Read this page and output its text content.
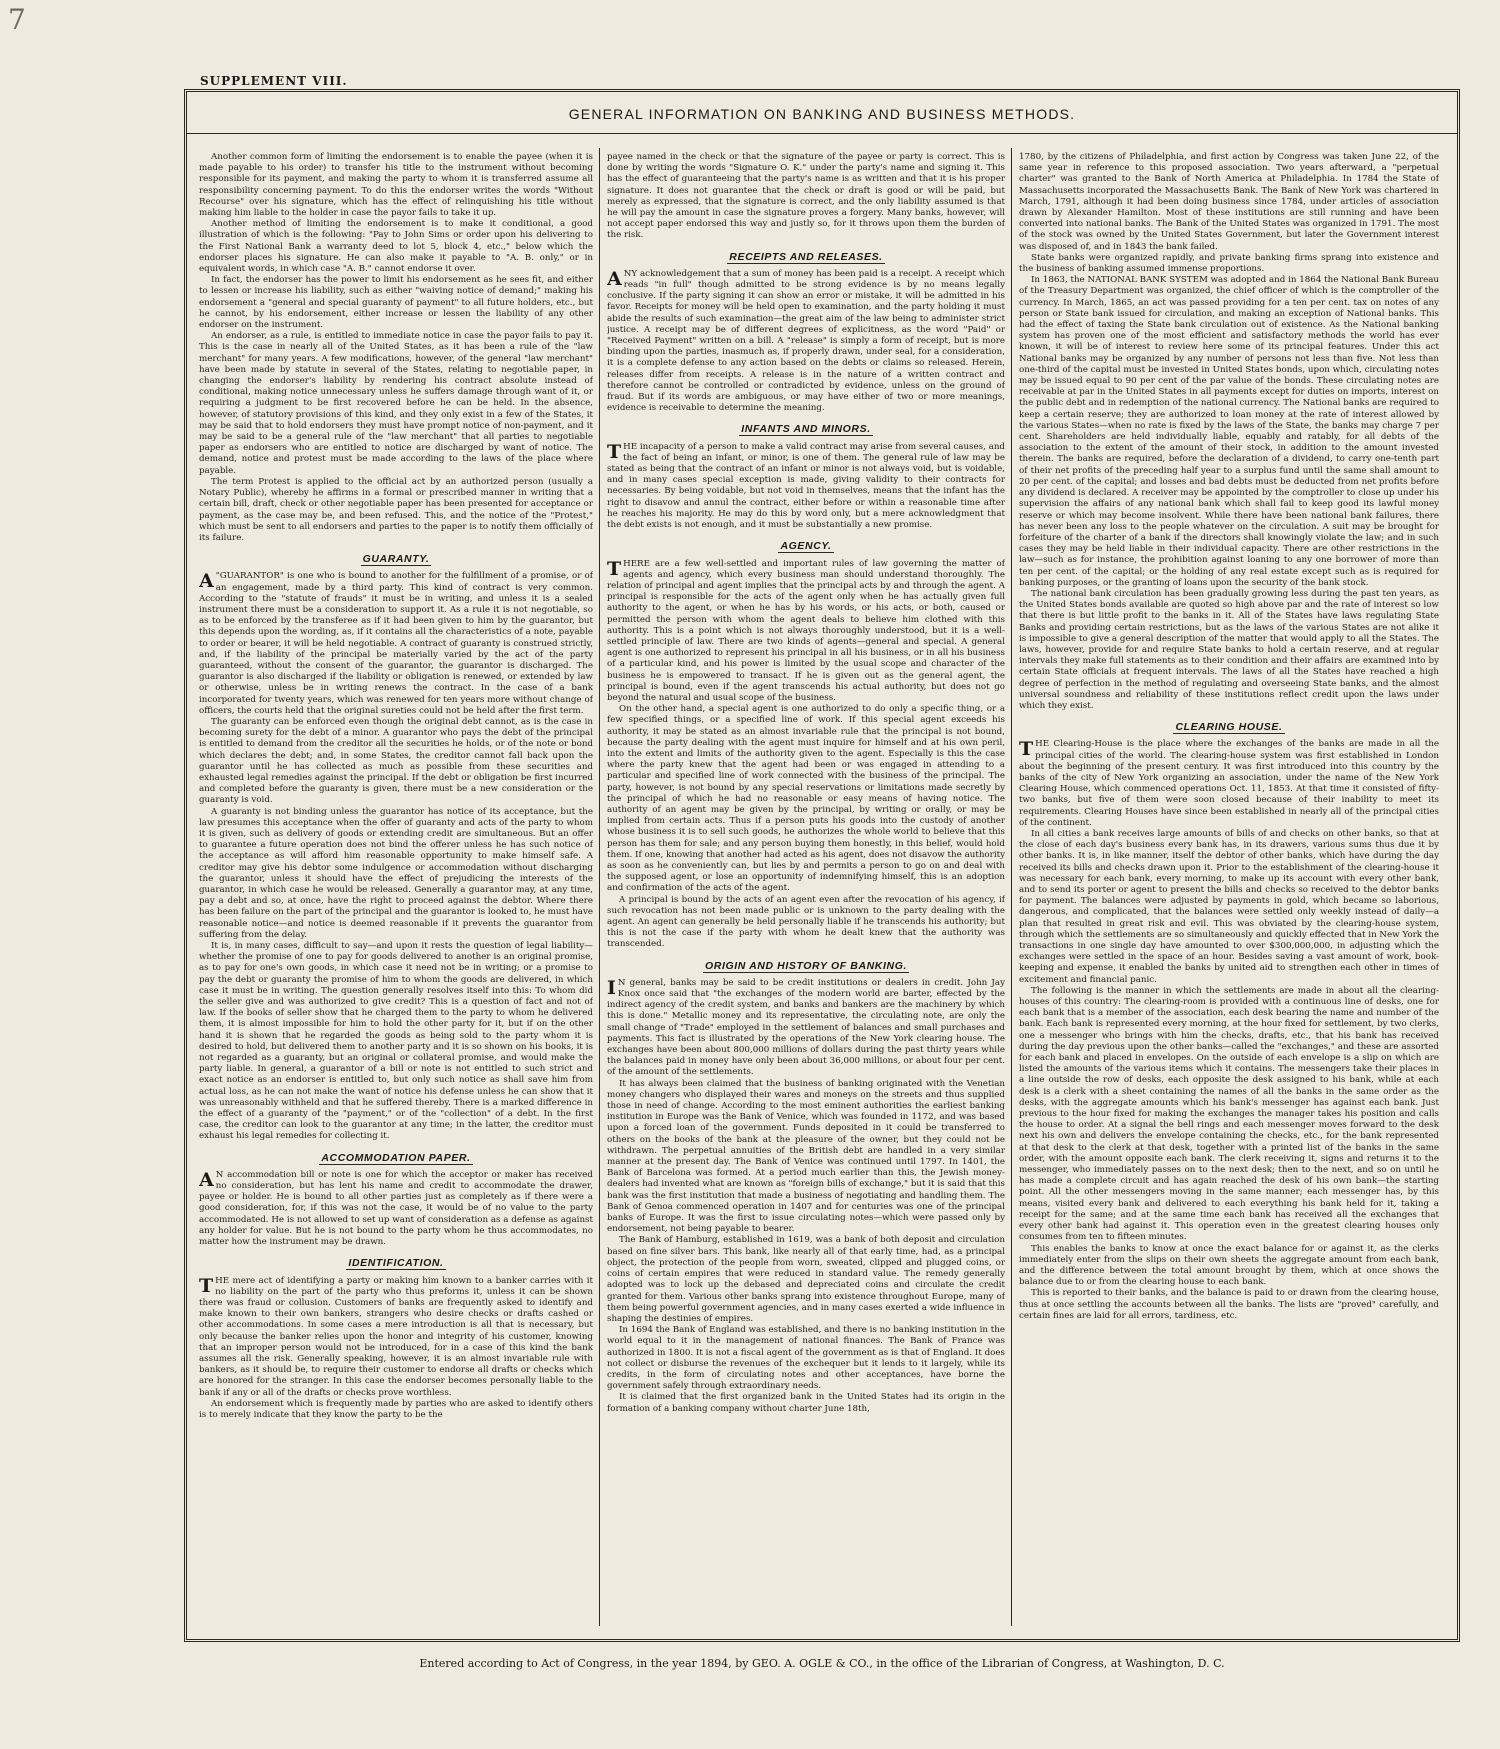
7
SUPPLEMENT VIII.
GENERAL INFORMATION ON BANKING AND BUSINESS METHODS.

Another common form of limiting the endorsement is to enable the payee (when it is made payable to his order) to transfer his title to the instrument without becoming responsible for its payment, and making the party to whom it is transferred assume all responsibility concerning payment. To do this the endorser writes the words "Without Recourse" over his signature, which has the effect of relinquishing his title without making him liable to the holder in case the payor fails to take it up.

Another method of limiting the endorsement is to make it conditional, a good illustration of which is the following: "Pay to John Sims or order upon his delivering to the First National Bank a warranty deed to lot 5, block 4, etc.," below which the endorser places his signature. He can also make it payable to "A. B. only," or in equivalent words, in which case "A. B." cannot endorse it over.

In fact, the endorser has the power to limit his endorsement as he sees fit, and either to lessen or increase his liability, such as either "waiving notice of demand;" making his endorsement a "general and special guaranty of payment" to all future holders, etc., but he cannot, by his endorsement, either increase or lessen the liability of any other endorser on the instrument.

An endorser, as a rule, is entitled to immediate notice in case the payor fails to pay it. This is the case in nearly all of the United States, as it has been a rule of the "law merchant" for many years. A few modifications, however, of the general "law merchant" have been made by statute in several of the States, relating to negotiable paper, in changing the endorser's liability by rendering his contract absolute instead of conditional, making notice unnecessary unless he suffers damage through want of it, or requiring a judgment to be first recovered before he can be held. In the absence, however, of statutory provisions of this kind, and they only exist in a few of the States, it may be said that to hold endorsers they must have prompt notice of non-payment, and it may be said to be a general rule of the "law merchant" that all parties to negotiable paper as endorsers who are entitled to notice are discharged by want of notice. The demand, notice and protest must be made according to the laws of the place where payable.

The term Protest is applied to the official act by an authorized person (usually a Notary Public), whereby he affirms in a formal or prescribed manner in writing that a certain bill, draft, check or other negotiable paper has been presented for acceptance or payment, as the case may be, and been refused. This, and the notice of the "Protest," which must be sent to all endorsers and parties to the paper is to notify them officially of its failure.

GUARANTY.

A "GUARANTOR" is one who is bound to another for the fulfillment of a promise, or of an engagement, made by a third party. This kind of contract is very common. According to the "statute of frauds" it must be in writing, and unless it is a sealed instrument there must be a consideration to support it. As a rule it is not negotiable, so as to be enforced by the transferee as if it had been given to him by the guarantor, but this depends upon the wording, as, if it contains all the characteristics of a note, payable to order or bearer, it will be held negotiable. A contract of guaranty is construed strictly, and, if the liability of the principal be materially varied by the act of the party guaranteed, without the consent of the guarantor, the guarantor is discharged. The guarantor is also discharged if the liability or obligation is renewed, or extended by law or otherwise, unless be in writing renews the contract. In the case of a bank incorporated for twenty years, which was renewed for ten years more without change of officers, the courts held that the original sureties could not be held after the first term.

The guaranty can be enforced even though the original debt cannot, as is the case in becoming surety for the debt of a minor. A guarantor who pays the debt of the principal is entitled to demand from the creditor all the securities he holds, or of the note or bond which declares the debt; and, in some States, the creditor cannot fall back upon the guarantor until he has collected as much as possible from these securities and exhausted legal remedies against the principal. If the debt or obligation be first incurred and completed before the guaranty is given, there must be a new consideration or the guaranty is void.

A guaranty is not binding unless the guarantor has notice of its acceptance, but the law presumes this acceptance when the offer of guaranty and acts of the party to whom it is given, such as delivery of goods or extending credit are simultaneous. But an offer to guarantee a future operation does not bind the offerer unless he has such notice of the acceptance as will afford him reasonable opportunity to make himself safe. A creditor may give his debtor some indulgence or accommodation without discharging the guarantor, unless it should have the effect of prejudicing the interests of the guarantor, in which case he would be released. Generally a guarantor may, at any time, pay a debt and so, at once, have the right to proceed against the debtor. Where there has been failure on the part of the principal and the guarantor is looked to, he must have reasonable notice—and notice is deemed reasonable if it prevents the guarantor from suffering from the delay.

It is, in many cases, difficult to say—and upon it rests the question of legal liability—whether the promise of one to pay for goods delivered to another is an original promise, as to pay for one's own goods, in which case it need not be in writing; or a promise to pay the debt or guaranty the promise of him to whom the goods are delivered, in which case it must be in writing. The question generally resolves itself into this: To whom did the seller give and was authorized to give credit? This is a question of fact and not of law. If the books of seller show that he charged them to the party to whom he delivered them, it is almost impossible for him to hold the other party for it, but if on the other hand it is shown that he regarded the goods as being sold to the party whom it is desired to hold, but delivered them to another party and it is so shown on his books, it is not regarded as a guaranty, but an original or collateral promise, and would make the party liable. In general, a guarantor of a bill or note is not entitled to such strict and exact notice as an endorser is entitled to, but only such notice as shall save him from actual loss, as he can not make the want of notice his defense unless he can show that it was unreasonably withheld and that he suffered thereby. There is a marked difference in the effect of a guaranty of the "payment," or of the "collection" of a debt. In the first case, the creditor can look to the guarantor at any time; in the latter, the creditor must exhaust his legal remedies for collecting it.

ACCOMMODATION PAPER.

A N accommodation bill or note is one for which the acceptor or maker has received no consideration, but has lent his name and credit to accommodate the drawer, payee or holder. He is bound to all other parties just as completely as if there were a good consideration, for, if this was not the case, it would be of no value to the party accommodated. He is not allowed to set up want of consideration as a defense as against any holder for value. But he is not bound to the party whom he thus accommodates, no matter how the instrument may be drawn.

IDENTIFICATION.

THE mere act of identifying a party or making him known to a banker carries with it no liability on the part of the party who thus preforms it, unless it can be shown there was fraud or collusion. Customers of banks are frequently asked to identify and make known to their own bankers, strangers who desire checks or drafts cashed or other accommodations. In some cases a mere introduction is all that is necessary, but only because the banker relies upon the honor and integrity of his customer, knowing that an improper person would not be introduced, for in a case of this kind the bank assumes all the risk. Generally speaking, however, it is an almost invariable rule with bankers, as it should be, to require their customer to endorse all drafts or checks which are honored for the stranger. In this case the endorser becomes personally liable to the bank if any or all of the drafts or checks prove worthless.

An endorsement which is frequently made by parties who are asked to identify others is to merely indicate that they know the party to be the

payee named in the check or that the signature of the payee or party is correct. This is done by writing the words "Signature O. K." under the party's name and signing it. This has the effect of guaranteeing that the party's name is as written and that it is his proper signature. It does not guarantee that the check or draft is good or will be paid, but merely as expressed, that the signature is correct, and the only liability assumed is that he will pay the amount in case the signature proves a forgery. Many banks, however, will not accept paper endorsed this way and justly so, for it throws upon them the burden of the risk.

RECEIPTS AND RELEASES.

ANY acknowledgement that a sum of money has been paid is a receipt. A receipt which reads "in full" though admitted to be strong evidence is by no means legally conclusive. If the party signing it can show an error or mistake, it will be admitted in his favor. Receipts for money will be held open to examination, and the party holding it must abide the results of such examination—the great aim of the law being to administer strict justice. A receipt may be of different degrees of explicitness, as the word "Paid" or "Received Payment" written on a bill. A "release" is simply a form of receipt, but is more binding upon the parties, inasmuch as, if properly drawn, under seal, for a consideration, it is a complete defense to any action based on the debts or claims so released. Herein, releases differ from receipts. A release is in the nature of a written contract and therefore cannot be controlled or contradicted by evidence, unless on the ground of fraud. But if its words are ambiguous, or may have either of two or more meanings, evidence is receivable to determine the meaning.

INFANTS AND MINORS.

THE incapacity of a person to make a valid contract may arise from several causes, and the fact of being an infant, or minor, is one of them. The general rule of law may be stated as being that the contract of an infant or minor is not always void, but is voidable, and in many cases special exception is made, giving validity to their contracts for necessaries. By being voidable, but not void in themselves, means that the infant has the right to disavow and annul the contract, either before or within a reasonable time after he reaches his majority. He may do this by word only, but a mere acknowledgment that the debt exists is not enough, and it must be substantially a new promise.

AGENCY.

THERE are a few well-settled and important rules of law governing the matter of agents and agency, which every business man should understand thoroughly. The relation of principal and agent implies that the principal acts by and through the agent. A principal is responsible for the acts of the agent only when he has actually given full authority to the agent, or when he has by his words, or his acts, or both, caused or permitted the person with whom the agent deals to believe him clothed with this authority. This is a point which is not always thoroughly understood, but it is a well-settled principle of law. There are two kinds of agents—general and special. A general agent is one authorized to represent his principal in all his business, or in all his business of a particular kind, and his power is limited by the usual scope and character of the business he is empowered to transact. If he is given out as the general agent, the principal is bound, even if the agent transcends his actual authority, but does not go beyond the natural and usual scope of the business.

On the other hand, a special agent is one authorized to do only a specific thing, or a few specified things, or a specified line of work. If this special agent exceeds his authority, it may be stated as an almost invariable rule that the principal is not bound, because the party dealing with the agent must inquire for himself and at his own peril, into the extent and limits of the authority given to the agent. Especially is this the case where the party knew that the agent had been or was engaged in attending to a particular and specified line of work connected with the business of the principal. The party, however, is not bound by any special reservations or limitations made secretly by the principal of which he had no reasonable or easy means of having notice. The authority of an agent may be given by the principal, by writing or orally, or may be implied from certain acts. Thus if a person puts his goods into the custody of another whose business it is to sell such goods, he authorizes the whole world to believe that this person has them for sale; and any person buying them honestly, in this belief, would hold them. If one, knowing that another had acted as his agent, does not disavow the authority as soon as he conveniently can, but lies by and permits a person to go on and deal with the supposed agent, or lose an opportunity of indemnifying himself, this is an adoption and confirmation of the acts of the agent.

A principal is bound by the acts of an agent even after the revocation of his agency, if such revocation has not been made public or is unknown to the party dealing with the agent. An agent can generally be held personally liable if he transcends his authority; but this is not the case if the party with whom he dealt knew that the authority was transcended.

ORIGIN AND HISTORY OF BANKING.

I N general, banks may be said to be credit institutions or dealers in credit. John Jay Knox once said that "the exchanges of the modern world are barter, effected by the indirect agency of the credit system, and banks and bankers are the machinery by which this is done." Metallic money and its representative, the circulating note, are only the small change of "Trade" employed in the settlement of balances and small purchases and payments. This fact is illustrated by the operations of the New York clearing house. The exchanges have been about 800,000 millions of dollars during the past thirty years while the balances paid in money have only been about 36,000 millions, or about four per cent. of the amount of the settlements.

It has always been claimed that the business of banking originated with the Venetian money changers who displayed their wares and moneys on the streets and thus supplied those in need of change. According to the most eminent authorities the earliest banking institution in Europe was the Bank of Venice, which was founded in 1172, and was based upon a forced loan of the government. Funds deposited in it could be transferred to others on the books of the bank at the pleasure of the owner, but they could not be withdrawn. The perpetual annuities of the British debt are handled in a very similar manner at the present day. The Bank of Venice was continued until 1797. In 1401, the Bank of Barcelona was formed. At a period much earlier than this, the Jewish money-dealers had invented what are known as "foreign bills of exchange," but it is said that this bank was the first institution that made a business of negotiating and handling them. The Bank of Genoa commenced operation in 1407 and for centuries was one of the principal banks of Europe. It was the first to issue circulating notes—which were passed only by endorsement, not being payable to bearer.

The Bank of Hamburg, established in 1619, was a bank of both deposit and circulation based on fine silver bars. This bank, like nearly all of that early time, had, as a principal object, the protection of the people from worn, sweated, clipped and plugged coins, or coins of certain empires that were reduced in standard value. The remedy generally adopted was to lock up the debased and depreciated coins and circulate the credit granted for them. Various other banks sprang into existence throughout Europe, many of them being powerful government agencies, and in many cases exerted a wide influence in shaping the destinies of empires.

In 1694 the Bank of England was established, and there is no banking institution in the world equal to it in the management of national finances. The Bank of France was authorized in 1800. It is not a fiscal agent of the government as is that of England. It does not collect or disburse the revenues of the exchequer but it lends to it largely, while its credits, in the form of circulating notes and other acceptances, have borne the government safely through extraordinary needs.

It is claimed that the first organized bank in the United States had its origin in the formation of a banking company without charter June 18th,

1780, by the citizens of Philadelphia, and first action by Congress was taken June 22, of the same year in reference to this proposed association. Two years afterward, a "perpetual charter" was granted to the Bank of North America at Philadelphia. In 1784 the State of Massachusetts incorporated the Massachusetts Bank. The Bank of New York was chartered in March, 1791, although it had been doing business since 1784, under articles of association drawn by Alexander Hamilton. Most of these institutions are still running and have been converted into national banks. The Bank of the United States was organized in 1791. The most of the stock was owned by the United States Government, but later the Government interest was disposed of, and in 1843 the bank failed.

State banks were organized rapidly, and private banking firms sprang into existence and the business of banking assumed immense proportions.

In 1863, the NATIONAL BANK SYSTEM was adopted and in 1864 the National Bank Bureau of the Treasury Department was organized, the chief officer of which is the comptroller of the currency. In March, 1865, an act was passed providing for a ten per cent. tax on notes of any person or State bank issued for circulation, and making an exception of National banks. This had the effect of taxing the State bank circulation out of existence. As the National banking system has proven one of the most efficient and satisfactory methods the world has ever known, it will be of interest to review here some of its principal features. Under this act National banks may be organized by any number of persons not less than five. Not less than one-third of the capital must be invested in United States bonds, upon which, circulating notes may be issued equal to 90 per cent of the par value of the bonds. These circulating notes are receivable at par in the United States in all payments except for duties on imports, interest on the public debt and in redemption of the national currency. The National banks are required to keep a certain reserve; they are authorized to loan money at the rate of interest allowed by the various States—when no rate is fixed by the laws of the State, the banks may charge 7 per cent. Shareholders are held individually liable, equably and ratably, for all debts of the association to the extent of the amount of their stock, in addition to the amount invested therein. The banks are required, before the declaration of a dividend, to carry one-tenth part of their net profits of the preceding half year to a surplus fund until the same shall amount to 20 per cent. of the capital; and losses and bad debts must be deducted from net profits before any dividend is declared. A receiver may be appointed by the comptroller to close up under his supervision the affairs of any national bank which shall fail to keep good its lawful money reserve or which may become insolvent. While there have been national bank failures, there has never been any loss to the people whatever on the circulation. A suit may be brought for forfeiture of the charter of a bank if the directors shall knowingly violate the law; and in such cases they may be held liable in their individual capacity. There are other restrictions in the law—such as for instance, the prohibition against loaning to any one borrower of more than ten per cent. of the capital; or the holding of any real estate except such as is required for banking purposes, or the granting of loans upon the security of the bank stock.

The national bank circulation has been gradually growing less during the past ten years, as the United States bonds available are quoted so high above par and the rate of interest so low that there is but little profit to the banks in it. All of the States have laws regulating State Banks and providing certain restrictions, but as the laws of the various States are not alike it is impossible to give a general description of the matter that would apply to all the States. The laws, however, provide for and require State banks to hold a certain reserve, and at regular intervals they make full statements as to their condition and their affairs are examined into by certain State officials at frequent intervals. The laws of all the States have reached a high degree of perfection in the method of regulating and overseeing State banks, and the almost universal soundness and reliability of these institutions reflect credit upon the laws under which they exist.

CLEARING HOUSE.

THE Clearing-House is the place where the exchanges of the banks are made in all the principal cities of the world. The clearing-house system was first established in London about the beginning of the present century. It was first introduced into this country by the banks of the city of New York organizing an association, under the name of the New York Clearing House, which commenced operations Oct. 11, 1853. At that time it consisted of fifty-two banks, but five of them were soon closed because of their inability to meet its requirements. Clearing Houses have since been established in nearly all of the principal cities of the continent.

In all cities a bank receives large amounts of bills of and checks on other banks, so that at the close of each day's business every bank has, in its drawers, various sums thus due it by other banks. It is, in like manner, itself the debtor of other banks, which have during the day received its bills and checks drawn upon it. Prior to the establishment of the clearing-house it was necessary for each bank, every morning, to make up its account with every other bank, and to send its porter or agent to present the bills and checks so received to the debtor banks for payment. The balances were adjusted by payments in gold, which became so laborious, dangerous, and complicated, that the balances were settled only weekly instead of daily—a plan that resulted in great risk and evil. This was obviated by the clearing-house system, through which the settlements are so simultaneously and quickly effected that in New York the transactions in one single day have amounted to over $300,000,000, in adjusting which the exchanges were settled in the space of an hour. Besides saving a vast amount of work, book-keeping and expense, it enabled the banks by united aid to strengthen each other in times of excitement and financial panic.

The following is the manner in which the settlements are made in about all the clearing-houses of this country: The clearing-room is provided with a continuous line of desks, one for each bank that is a member of the association, each desk bearing the name and number of the bank. Each bank is represented every morning, at the hour fixed for settlement, by two clerks, one a messenger who brings with him the checks, drafts, etc., that his bank has received during the day previous upon the other banks—called the "exchanges," and these are assorted for each bank and placed in envelopes. On the outside of each envelope is a slip on which are listed the amounts of the various items which it contains. The messengers take their places in a line outside the row of desks, each opposite the desk assigned to his bank, while at each desk is a clerk with a sheet containing the names of all the banks in the same order as the desks, with the aggregate amounts which his bank's messenger has against each bank. Just previous to the hour fixed for making the exchanges the manager takes his position and calls the house to order. At a signal the bell rings and each messenger moves forward to the desk next his own and delivers the envelope containing the checks, etc., for the bank represented at that desk to the clerk at that desk, together with a printed list of the banks in the same order, with the amount opposite each bank. The clerk receiving it, signs and returns it to the messenger, who immediately passes on to the next desk; then to the next, and so on until he has made a complete circuit and has again reached the desk of his own bank—the starting point. All the other messengers moving in the same manner; each messenger has, by this means, visited every bank and delivered to each everything his bank held for it, taking a receipt for the same; and at the same time each bank has received all the exchanges that every other bank had against it. This operation even in the greatest clearing houses only consumes from ten to fifteen minutes.

This enables the banks to know at once the exact balance for or against it, as the clerks immediately enter from the slips on their own sheets the aggregate amount from each bank, and the difference between the total amount brought by them, which at once shows the balance due to or from the clearing house to each bank.

This is reported to their banks, and the balance is paid to or drawn from the clearing house, thus at once settling the accounts between all the banks. The lists are "proved" carefully, and certain fines are laid for all errors, tardiness, etc.

Entered according to Act of Congress, in the year 1894, by GEO. A. OGLE & CO., in the office of the Librarian of Congress, at Washington, D. C.
